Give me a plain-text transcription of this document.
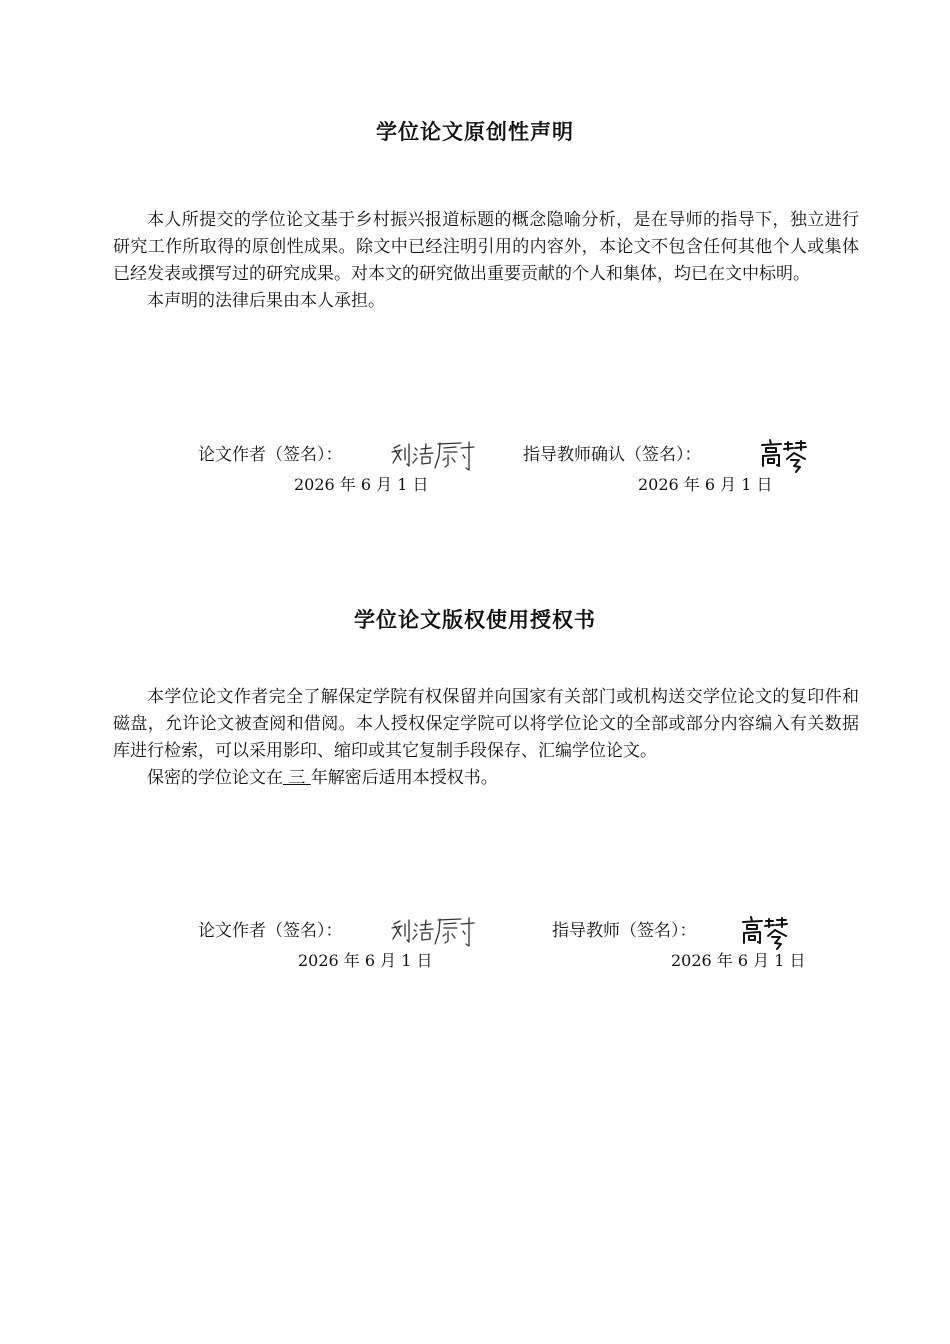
学位论文原创性声明

本人所提交的学位论文基于乡村振兴报道标题的概念隐喻分析，是在导师的指导下，独立进行研究工作所取得的原创性成果。除文中已经注明引用的内容外，本论文不包含任何其他个人或集体已经发表或撰写过的研究成果。对本文的研究做出重要贡献的个人和集体，均已在文中标明。

本声明的法律后果由本人承担。

论文作者（签名）：
2026 年 6 月 1 日
指导教师确认（签名）：
2026 年 6 月 1 日
学位论文版权使用授权书

本学位论文作者完全了解保定学院有权保留并向国家有关部门或机构送交学位论文的复印件和磁盘，允许论文被查阅和借阅。本人授权保定学院可以将学位论文的全部或部分内容编入有关数据库进行检索，可以采用影印、缩印或其它复制手段保存、汇编学位论文。

保密的学位论文在 三 年解密后适用本授权书。

论文作者（签名）：
2026 年 6 月 1 日
指导教师（签名）：
2026 年 6 月 1 日
